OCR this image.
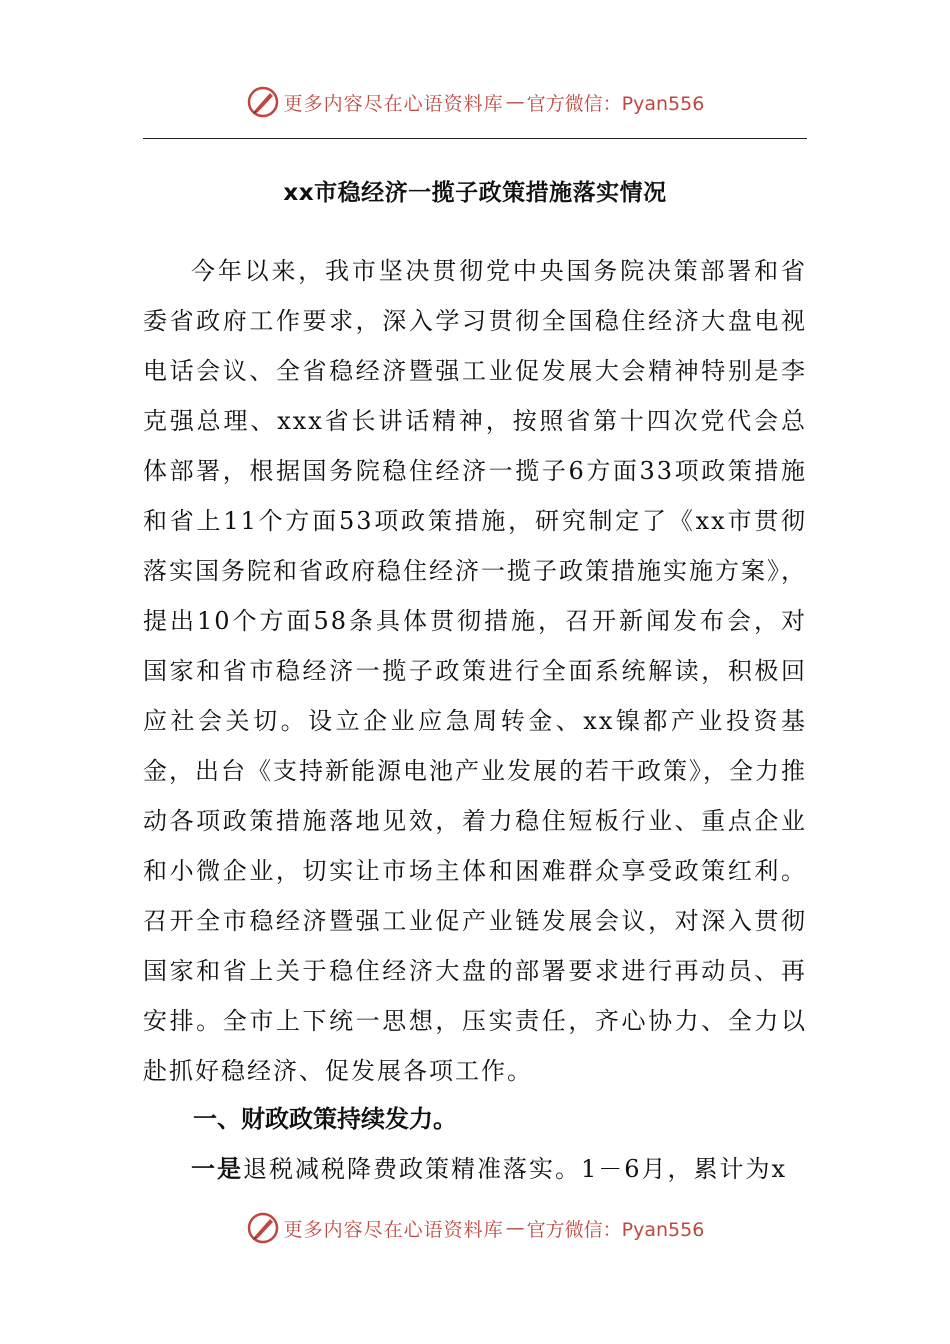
更多内容尽在心语资料库 — 官方微信：Pyan556
xx市稳经济一揽子政策措施落实情况

今年以来，我市坚决贯彻党中央国务院决策部署和省委省政府工作要求，深入学习贯彻全国稳住经济大盘电视电话会议、全省稳经济暨强工业促发展大会精神特别是李克强总理、xxx省长讲话精神，按照省第十四次党代会总体部署，根据国务院稳住经济一揽子6方面33项政策措施和省上11个方面53项政策措施，研究制定了《xx市贯彻落实国务院和省政府稳住经济一揽子政策措施实施方案》，提出10个方面58条具体贯彻措施，召开新闻发布会，对国家和省市稳经济一揽子政策进行全面系统解读，积极回应社会关切。设立企业应急周转金、xx镍都产业投资基金，出台《支持新能源电池产业发展的若干政策》，全力推动各项政策措施落地见效，着力稳住短板行业、重点企业和小微企业，切实让市场主体和困难群众享受政策红利。召开全市稳经济暨强工业促产业链发展会议，对深入贯彻国家和省上关于稳住经济大盘的部署要求进行再动员、再安排。全市上下统一思想，压实责任，齐心协力、全力以赴抓好稳经济、促发展各项工作。

一、财政政策持续发力。

一是退税减税降费政策精准落实。1－6月，累计为x

更多内容尽在心语资料库 — 官方微信：Pyan556
